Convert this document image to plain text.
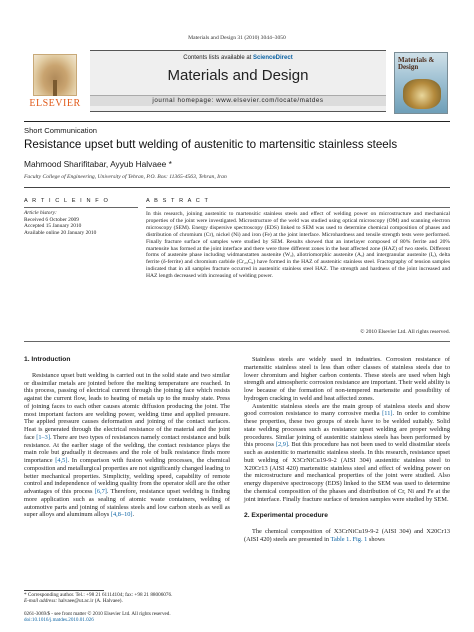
Materials and Design 31 (2010) 3044–3050
ELSEVIER
Contents lists available at ScienceDirect
Materials and Design
journal homepage: www.elsevier.com/locate/matdes
Materials & Design
Short Communication
Resistance upset butt welding of austenitic to martensitic stainless steels
Mahmood Sharifitabar, Ayyub Halvaee *
Faculty College of Engineering, University of Tehran, P.O. Box: 11365-4563, Tehran, Iran
A R T I C L E I N F O
Article history:
Received 6 October 2009
Accepted 15 January 2010
Available online 20 January 2010
A B S T R A C T

In this research, joining austenitic to martensitic stainless steels and effect of welding power on microstructure and mechanical properties of the joint were investigated. Microstructure of the weld was studied using optical microscopy (OM) and scanning electron microscopy (SEM). Energy dispersive spectroscopy (EDS) linked to SEM was used to determine chemical composition of phases and distribution of chromium (Cr), nickel (Ni) and iron (Fe) at the joint interface. Microhardness and tensile strength tests were performed. Finally fracture surface of samples were studied by SEM. Results showed that an interlayer composed of 80% ferrite and 20% martensite has formed at the joint interface and there were three different zones in the heat affected zone (HAZ) of two steels. Different forms of austenite phase including widmanstatten austenite (Wₐ), allotriomorphic austenite (Aₐ) and intergranular austenite (Iₐ), delta ferrite (δ-ferrite) and chromium carbide (Cr₂₃C₆) have formed in the HAZ of austenitic stainless steel. Fractography of tension samples indicated that in all samples fracture occurred in austenitic stainless steel HAZ. The strength and hardness of the joint increased and HAZ length decreased with increasing of welding power.

© 2010 Elsevier Ltd. All rights reserved.
1. Introduction

Resistance upset butt welding is carried out in the solid state and two similar or dissimilar metals are jointed before the melting temperature are reached. In this process, passing of electrical current through the joining face which resists against the current flow, leads to heating of metals up to the mushy state. Press of joining faces to each other causes atomic diffusion producing the joint. The most important factors are welding power, welding time and applied pressure. The applied pressure causes deformation and joining of the contact surfaces. Heat is generated through the electrical resistance of the material and the joint face [1–3]. There are two types of resistances namely contact resistance and bulk resistance. At the earlier stage of the welding, the contact resistance plays the main role but gradually it decreases and the role of bulk resistance finds more importance [4,5]. In comparison with fusion welding processes, the chemical composition and metallurgical properties are not significantly changed leading to better mechanical properties. Simplicity, welding speed, capability of remote control and independence of welding quality from the operator skill are the other advantages of this process [6,7]. Therefore, resistance upset welding is finding more application such as sealing of atomic waste containers, welding of automotive parts and joining of stainless steels and low carbon steels as well as super alloys and aluminum alloys [4,8–10].

Stainless steels are widely used in industries. Corrosion resistance of martensitic stainless steel is less than other classes of stainless steels due to lower chromium and higher carbon contents. These steels are used when high strength and atmospheric corrosion resistance are important. Their weld ability is low because of the formation of non-tempered martensite and possibility of hydrogen cracking in weld and heat affected zones.

Austenitic stainless steels are the main group of stainless steels and show good corrosion resistance to many corrosive media [11]. In order to combine these properties, these two groups of steels have to be welded suitably. Solid state welding processes such as resistance upset welding are proper welding procedures. Similar joining of austenitic stainless steels has been performed by this process [2,9]. But this procedure has not been used to weld dissimilar steels such as austenitic to martensitic stainless steels. In this research, resistance upset butt welding of X3CrNiCu19-9-2 (AISI 304) austenitic stainless steel to X20Cr13 (AISI 420) martensitic stainless steel and effect of welding power on the microstructure and mechanical properties of the joint were studied. Also energy dispersive spectroscopy (EDS) linked to the SEM was used to determine the chemical composition of the phases and distribution of Cr, Ni and Fe at the joint interface. Finally fracture surface of tension samples were studied by SEM.

2. Experimental procedure

The chemical composition of X3CrNiCu19-9-2 (AISI 304) and X20Cr13 (AISI 420) steels are presented in Table 1. Fig. 1 shows

* Corresponding author. Tel.: +98 21 61114104; fax: +98 21 88006076.
E-mail address: halvaee@ut.ac.ir (A. Halvaee).
0261-3069/$ - see front matter © 2010 Elsevier Ltd. All rights reserved.
doi:10.1016/j.matdes.2010.01.026
